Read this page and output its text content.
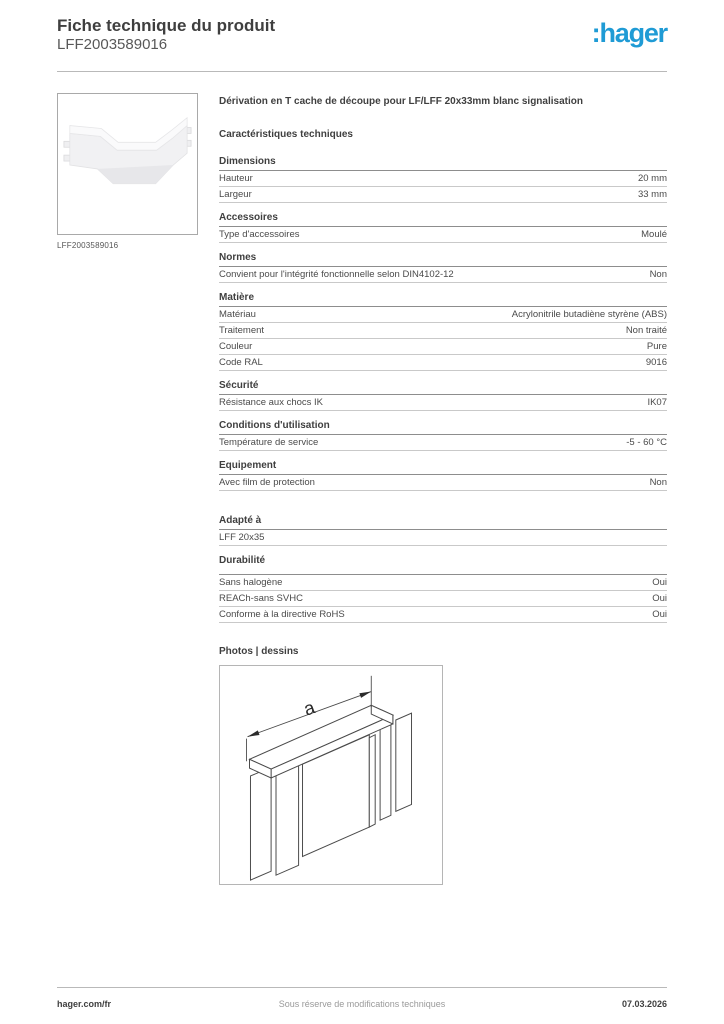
Fiche technique du produit
LFF2003589016	:hager
LFF2003589016
Dérivation en T cache de découpe pour LF/LFF 20x33mm blanc signalisation
Caractéristiques techniques
Dimensions
Hauteur	20 mm
Largeur	33 mm
Accessoires
Type d'accessoires	Moulé
Normes
Convient pour l'intégrité fonctionnelle selon DIN4102-12	Non
Matière
Matériau	Acrylonitrile butadiène styrène (ABS)
Traitement	Non traité
Couleur	Pure
Code RAL	9016
Sécurité
Résistance aux chocs IK	IK07
Conditions d'utilisation
Température de service	-5 - 60 °C
Equipement
Avec film de protection	Non
Adapté à
LFF 20x35
Durabilité
Sans halogène	Oui
REACh-sans SVHC	Oui
Conforme à la directive RoHS	Oui
Photos | dessins
a
hager.com/fr	Sous réserve de modifications techniques	07.03.2026
